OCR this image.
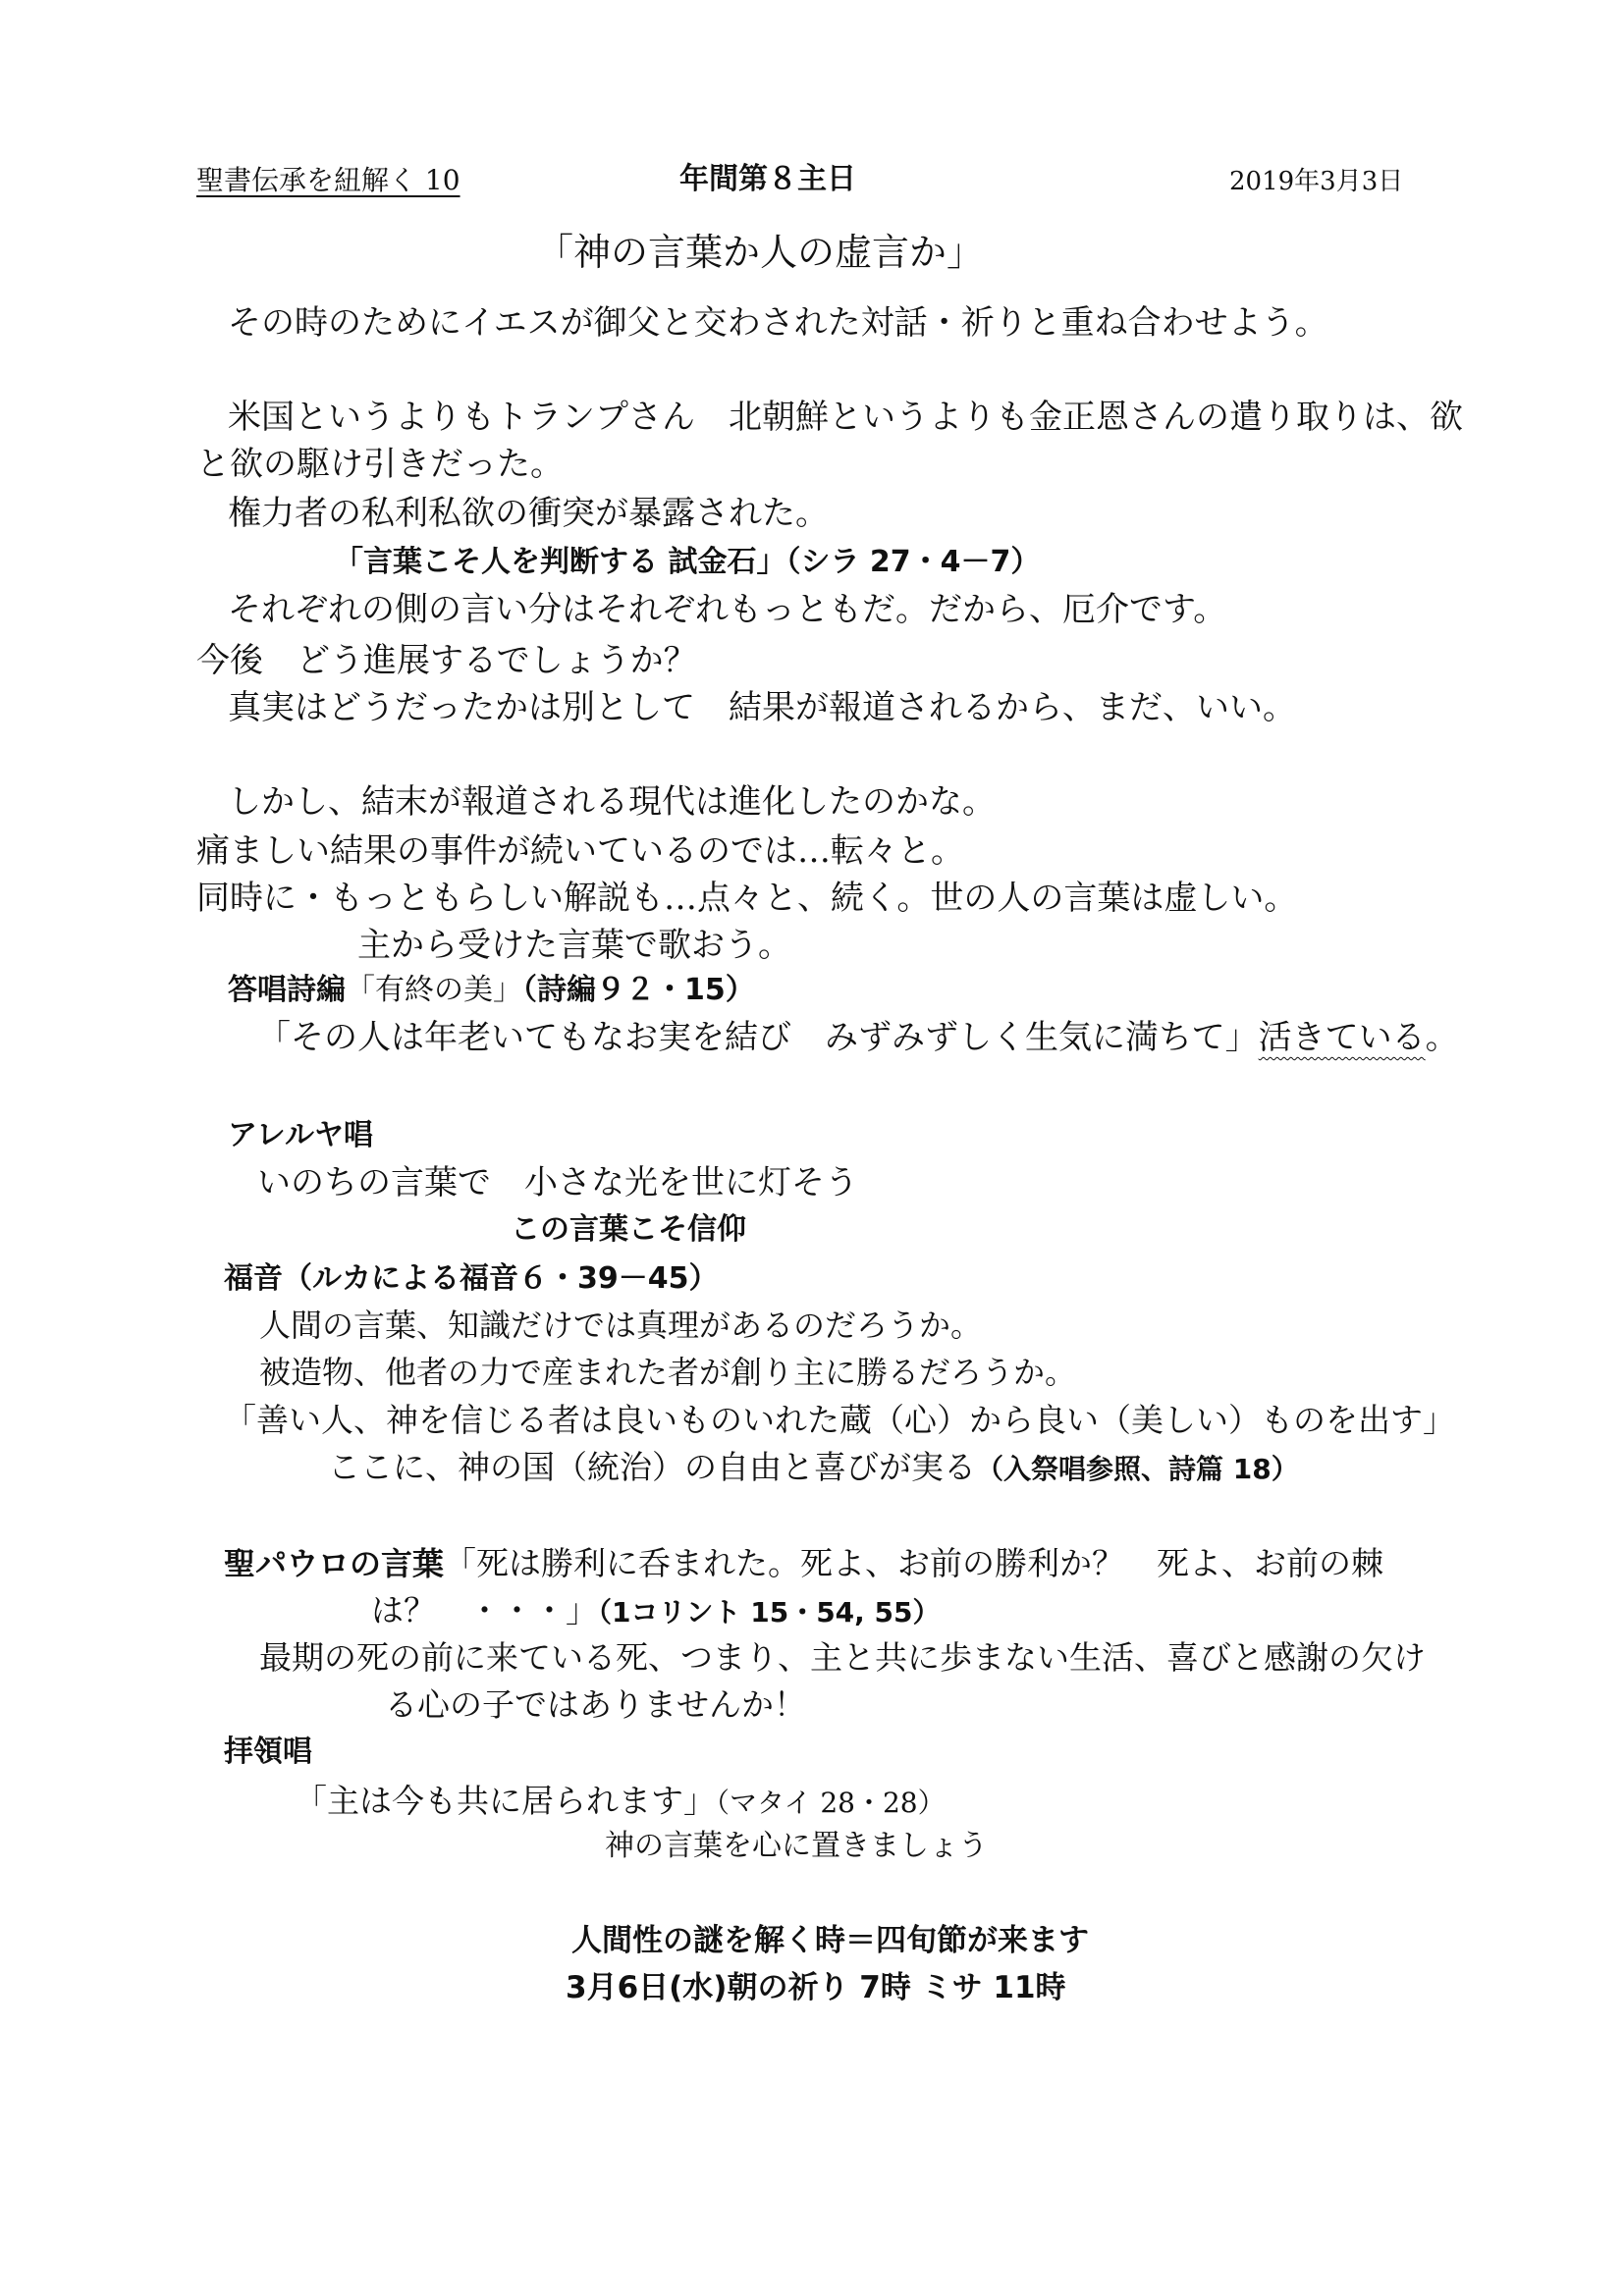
聖書伝承を紐解く 10	年間第８主日	2019年3月3日
「神の言葉か人の虚言か」
その時のためにイエスが御父と交わされた対話・祈りと重ね合わせよう。
米国というよりもトランプさん　北朝鮮というよりも金正恩さんの遣り取りは、欲
と欲の駆け引きだった。
権力者の私利私欲の衝突が暴露された。
「言葉こそ人を判断する 試金石」（シラ 27・4－7）
それぞれの側の言い分はそれぞれもっともだ。だから、厄介です。
今後　どう進展するでしょうか？
真実はどうだったかは別として　結果が報道されるから、まだ、いい。
しかし、結末が報道される現代は進化したのかな。
痛ましい結果の事件が続いているのでは…転々と。
同時に・もっともらしい解説も…点々と、続く。世の人の言葉は虚しい。
主から受けた言葉で歌おう。
答唱詩編「有終の美」（詩編９２・15）
「その人は年老いてもなお実を結び　みずみずしく生気に満ちて」活きている。
アレルヤ唱
いのちの言葉で　小さな光を世に灯そう
この言葉こそ信仰
福音（ルカによる福音６・39－45）
人間の言葉、知識だけでは真理があるのだろうか。
被造物、他者の力で産まれた者が創り主に勝るだろうか。
「善い人、神を信じる者は良いものいれた蔵（心）から良い（美しい）ものを出す」
ここに、神の国（統治）の自由と喜びが実る（入祭唱参照、詩篇 18）
聖パウロの言葉「死は勝利に呑まれた。死よ、お前の勝利か？　死よ、お前の棘
は？　・・・」（1コリント 15・54, 55）
最期の死の前に来ている死、つまり、主と共に歩まない生活、喜びと感謝の欠け
る心の子ではありませんか！
拝領唱
「主は今も共に居られます」（マタイ 28・28）
神の言葉を心に置きましょう
人間性の謎を解く時＝四旬節が来ます
3月6日(水)朝の祈り 7時 ミサ 11時
